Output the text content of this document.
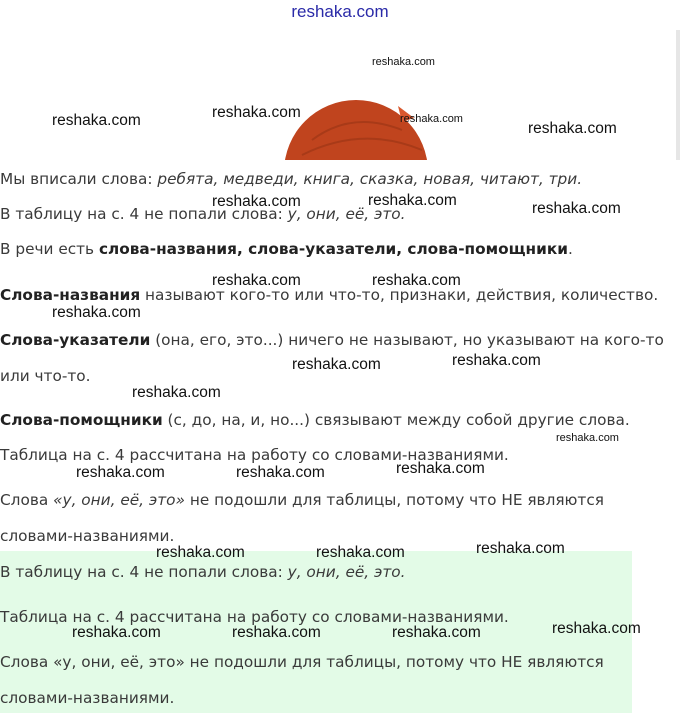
reshaka.com
Мы вписали слова: ребята, медведи, книга, сказка, новая, читают, три.
В таблицу на с. 4 не попали слова: у, они, её, это.
В речи есть слова-названия, слова-указатели, слова-помощники.
Слова-названия называют кого-то или что-то, признаки, действия, количество.
Слова-указатели (она, его, это...) ничего не называют, но указывают на кого-то
или что-то.
Слова-помощники (с, до, на, и, но...) связывают между собой другие слова.
Таблица на с. 4 рассчитана на работу со словами-названиями.
Слова «у, они, её, это» не подошли для таблицы, потому что НЕ являются
словами-названиями.
В таблицу на с. 4 не попали слова: у, они, её, это.
Таблица на с. 4 рассчитана на работу со словами-названиями.
Слова «у, они, её, это» не подошли для таблицы, потому что НЕ являются
словами-названиями.
reshaka.com
reshaka.com	reshaka.com	reshaka.com
reshaka.com
reshaka.com	reshaka.com	reshaka.com
reshaka.com	reshaka.com
reshaka.com
reshaka.com	reshaka.com
reshaka.com
reshaka.com
reshaka.com	reshaka.com	reshaka.com
reshaka.com	reshaka.com	reshaka.com
reshaka.com	reshaka.com	reshaka.com	reshaka.com
